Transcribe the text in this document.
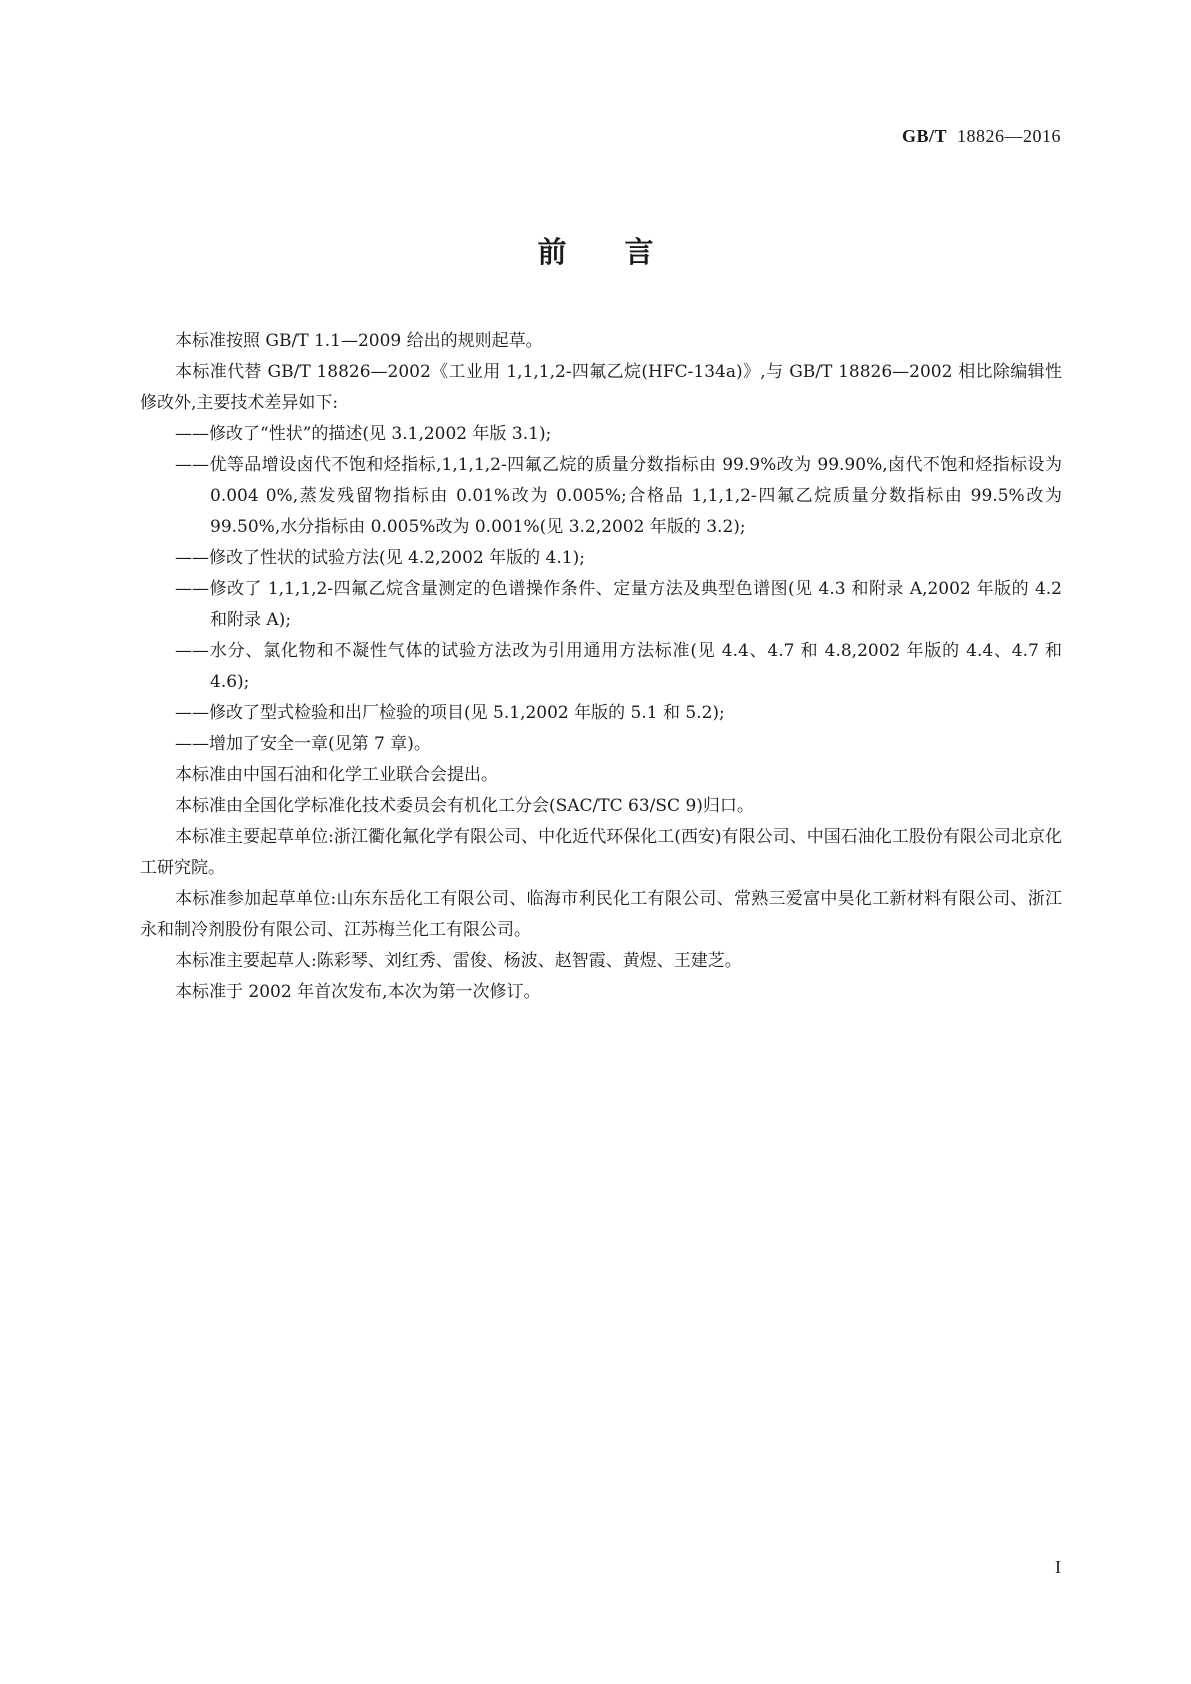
GB/T 18826—2016
前言

本标准按照 GB/T 1.1—2009 给出的规则起草。

本标准代替 GB/T 18826—2002《工业用 1,1,1,2-四氟乙烷(HFC-134a)》,与 GB/T 18826—2002 相比除编辑性修改外,主要技术差异如下:

——修改了“性状”的描述(见 3.1,2002 年版 3.1);

——优等品增设卤代不饱和烃指标,1,1,1,2-四氟乙烷的质量分数指标由 99.9%改为 99.90%,卤代不饱和烃指标设为 0.004 0%,蒸发残留物指标由 0.01%改为 0.005%;合格品 1,1,1,2-四氟乙烷质量分数指标由 99.5%改为 99.50%,水分指标由 0.005%改为 0.001%(见 3.2,2002 年版的 3.2);

——修改了性状的试验方法(见 4.2,2002 年版的 4.1);

——修改了 1,1,1,2-四氟乙烷含量测定的色谱操作条件、定量方法及典型色谱图(见 4.3 和附录 A,2002 年版的 4.2 和附录 A);

——水分、氯化物和不凝性气体的试验方法改为引用通用方法标准(见 4.4、4.7 和 4.8,2002 年版的 4.4、4.7 和 4.6);

——修改了型式检验和出厂检验的项目(见 5.1,2002 年版的 5.1 和 5.2);

——增加了安全一章(见第 7 章)。

本标准由中国石油和化学工业联合会提出。

本标准由全国化学标准化技术委员会有机化工分会(SAC/TC 63/SC 9)归口。

本标准主要起草单位:浙江衢化氟化学有限公司、中化近代环保化工(西安)有限公司、中国石油化工股份有限公司北京化工研究院。

本标准参加起草单位:山东东岳化工有限公司、临海市利民化工有限公司、常熟三爱富中昊化工新材料有限公司、浙江永和制冷剂股份有限公司、江苏梅兰化工有限公司。

本标准主要起草人:陈彩琴、刘红秀、雷俊、杨波、赵智霞、黄煜、王建芝。

本标准于 2002 年首次发布,本次为第一次修订。

I
